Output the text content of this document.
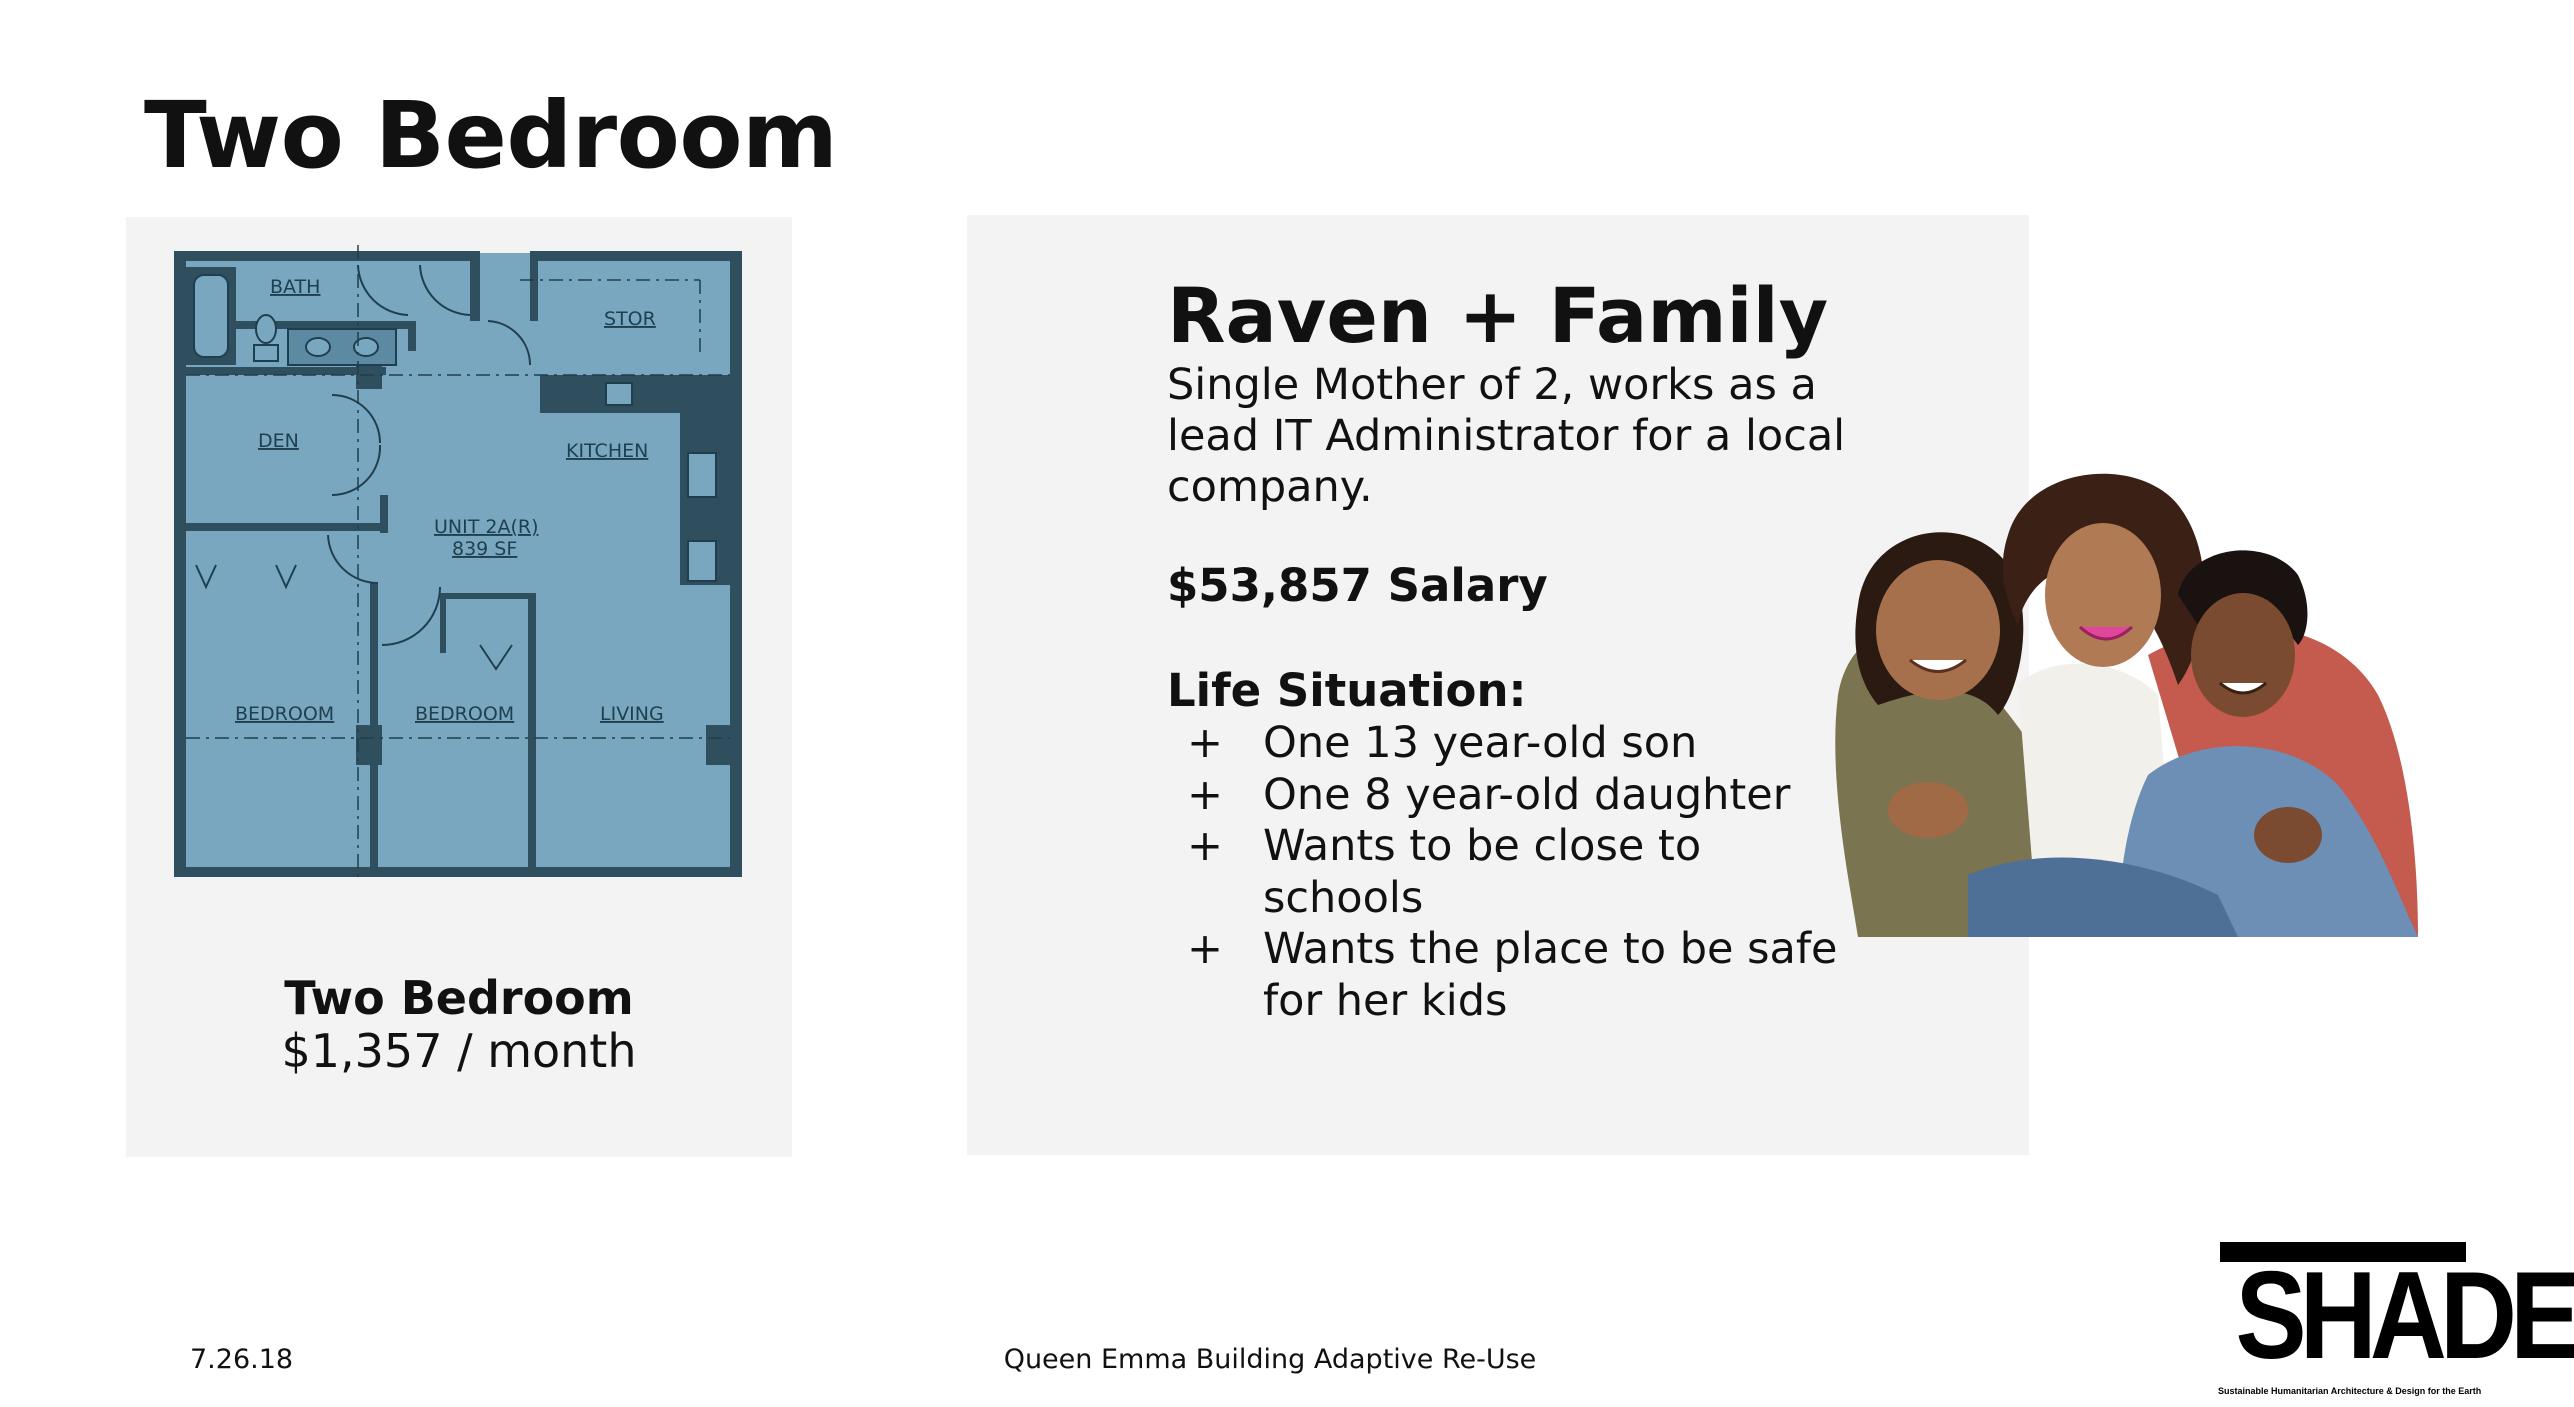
Two Bedroom
BATH
STOR
DEN	KITCHEN
UNIT 2A(R)
839 SF
BEDROOM	BEDROOM	LIVING
Two Bedroom
$1,357 / month
Raven + Family
Single Mother of 2, works as a lead IT Administrator for a local company.
$53,857 Salary
Life Situation:
+ One 13 year-old son
+ One 8 year-old daughter
+ Wants to be close to schools
+ Wants the place to be safe for her kids
7.26.18	Queen Emma Building Adaptive Re-Use	SHADE
Sustainable Humanitarian Architecture & Design for the Earth
